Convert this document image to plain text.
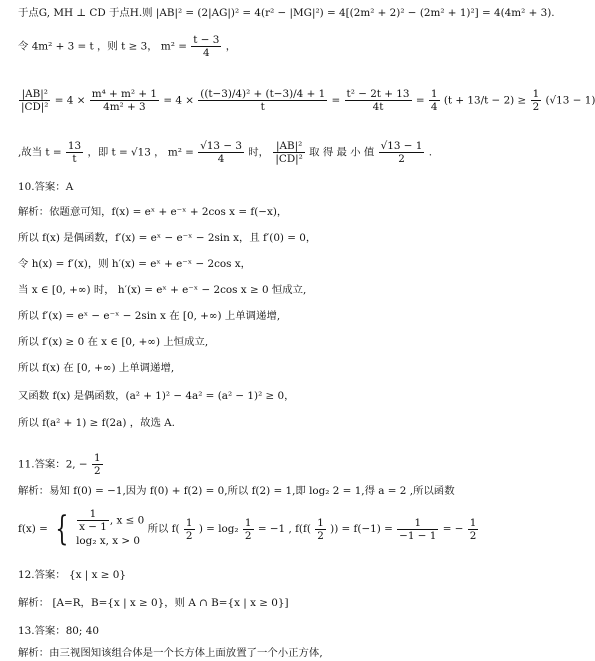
于点G, MH ⊥ CD 于点H.则 |AB|² = (2|AG|)² = 4(r² − |MG|²) = 4[(2m² + 2)² − (2m² + 1)²] = 4(4m² + 3).
令 4m² + 3 = t ，则 t ≥ 3， $m^2 = \frac{t - 3}{4}$ ，
$\frac{\text{|AB|²}}{\text{|CD|²}} = 4 \times \frac{\text{m⁴ + m² + 1}}{\text{4m² + 3}} = 4 \times \frac{\text{((t−3)/4)² + (t−3)/4 + 1}}{t} = \frac{\text{t² − 2t + 13}}{4t} = \frac{1}{4} (t + 13/t - 2) \ge \frac{1}{2} (√13 - 1)$
,故当 $t = \frac{13}{t}$ ，即 t = √13 ， $m^2 = \frac{√13 - 3}{4}$ 时， $\frac{\text{|AB|²}}{\text{|CD|²}}$ 取 得 最 小 值 $\frac{√13 - 1}{2}$ .
10.答案：A
解析：依题意可知，f(x) = eˣ + e⁻ˣ + 2cos x = f(−x)，
所以 f(x) 是偶函数，f′(x) = eˣ − e⁻ˣ − 2sin x，且 f′(0) = 0，
令 h(x) = f′(x)，则 h′(x) = eˣ + e⁻ˣ − 2cos x，
当 x ∈ [0, +∞) 时， h′(x) = eˣ + e⁻ˣ − 2cos x ≥ 0 恒成立,
所以 f′(x) = eˣ − e⁻ˣ − 2sin x 在 [0, +∞) 上单调递增,
所以 f′(x) ≥ 0 在 x ∈ [0, +∞) 上恒成立,
所以 f(x) 在 [0, +∞) 上单调递增,
又函数 f(x) 是偶函数，(a² + 1)² − 4a² = (a² − 1)² ≥ 0，
所以 f(a² + 1) ≥ f(2a) ，故选 A.
11.答案：2, − $\frac{1}{2}$
解析：易知 f(0) = −1,因为 f(0) + f(2) = 0,所以 f(2) = 1,即 log₂ 2 = 1,得 a = 2 ,所以函数
f(x) = { $\frac{1}{x - 1}$ , x ≤ 0
log₂ x, x > 0
所以 $f( \frac{1}{2}$ ) = $\log_2 \frac{1}{2} = -1$ , $f(f( \frac{1}{2}$ )) = $f(-1) = \frac{1}{-1 - 1}$ = − $\frac{1}{2}$
12.答案： {x | x ≥ 0}
解析： [A=R，B={x | x ≥ 0}，则 A ∩ B={x | x ≥ 0}]
13.答案：80; 40
解析：由三视图知该组合体是一个长方体上面放置了一个小正方体,
